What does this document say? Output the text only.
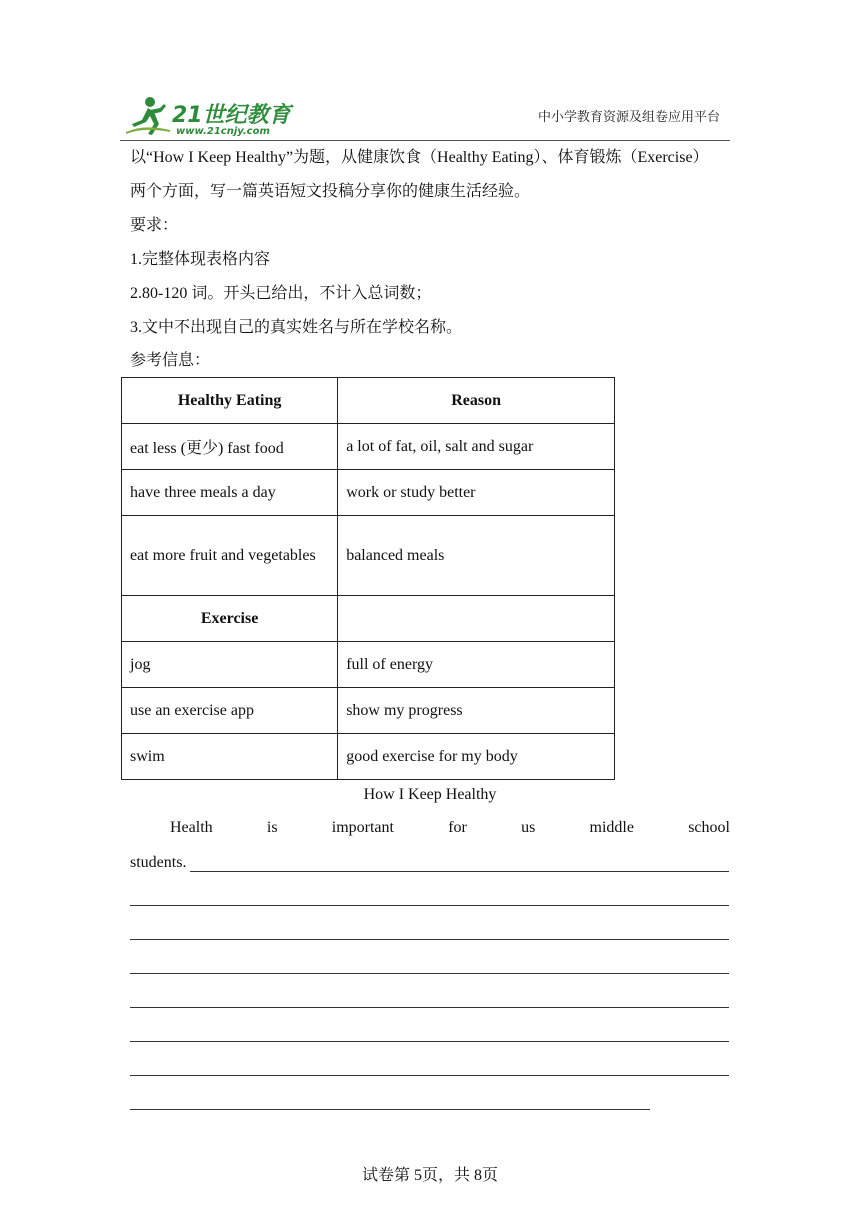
21世纪教育
www.21cnjy.com
中小学教育资源及组卷应用平台
以“How I Keep Healthy”为题，从健康饮食（Healthy Eating）、体育锻炼（Exercise）
两个方面，写一篇英语短文投稿分享你的健康生活经验。
要求：
1.完整体现表格内容
2.80-120 词。开头已给出，不计入总词数；
3.文中不出现自己的真实姓名与所在学校名称。
参考信息：
Healthy Eating	Reason
eat less (更少) fast food	a lot of fat, oil, salt and sugar
have three meals a day	work or study better
eat more fruit and vegetables	balanced meals
Exercise	
jog	full of energy
use an exercise app	show my progress
swim	good exercise for my body
How I Keep Healthy
Health	is	important	for	us	middle	school
students.
试卷第 5页，共 8页
